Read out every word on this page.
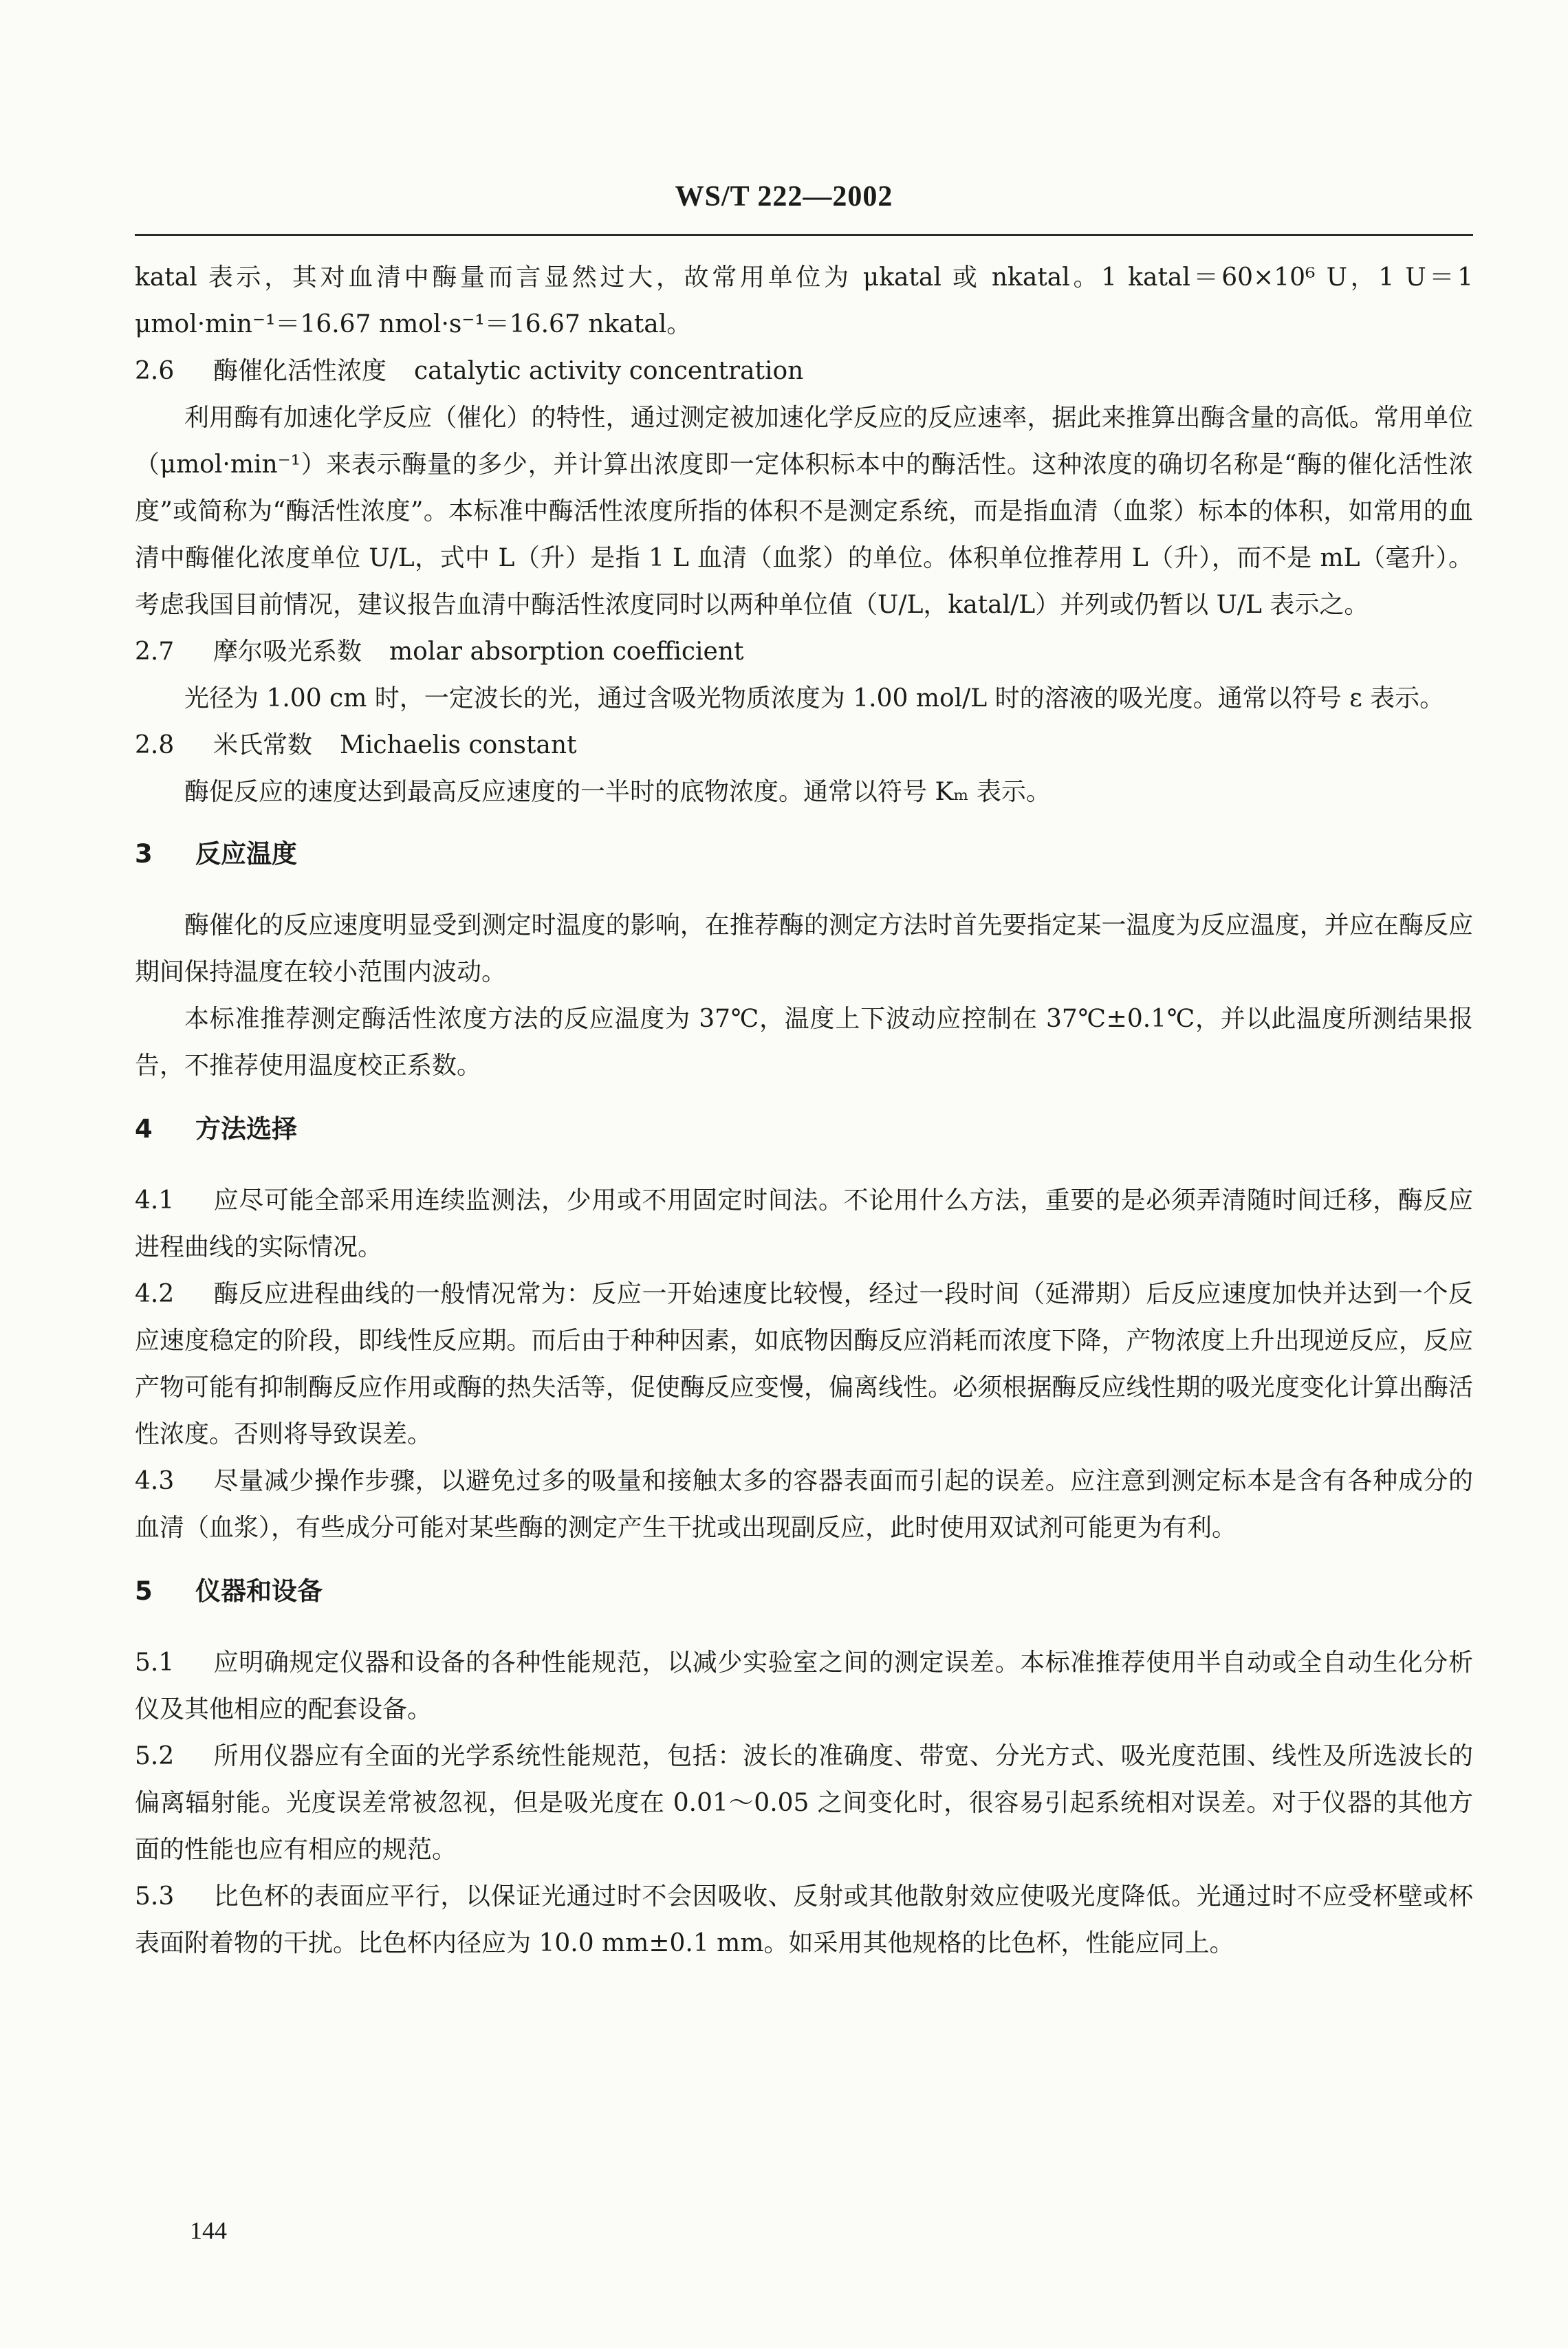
WS/T 222—2002
katal 表示，其对血清中酶量而言显然过大，故常用单位为 μkatal 或 nkatal。1 katal＝60×10⁶ U，1 U＝1 μmol·min⁻¹＝16.67 nmol·s⁻¹＝16.67 nkatal。
2.6 酶催化活性浓度 catalytic activity concentration
利用酶有加速化学反应（催化）的特性，通过测定被加速化学反应的反应速率，据此来推算出酶含量的高低。常用单位（μmol·min⁻¹）来表示酶量的多少，并计算出浓度即一定体积标本中的酶活性。这种浓度的确切名称是“酶的催化活性浓度”或简称为“酶活性浓度”。本标准中酶活性浓度所指的体积不是测定系统，而是指血清（血浆）标本的体积，如常用的血清中酶催化浓度单位 U/L，式中 L（升）是指 1 L 血清（血浆）的单位。体积单位推荐用 L（升），而不是 mL（毫升）。考虑我国目前情况，建议报告血清中酶活性浓度同时以两种单位值（U/L，katal/L）并列或仍暂以 U/L 表示之。
2.7 摩尔吸光系数 molar absorption coefficient
光径为 1.00 cm 时，一定波长的光，通过含吸光物质浓度为 1.00 mol/L 时的溶液的吸光度。通常以符号 ε 表示。
2.8 米氏常数 Michaelis constant
酶促反应的速度达到最高反应速度的一半时的底物浓度。通常以符号 Kₘ 表示。
3 反应温度
酶催化的反应速度明显受到测定时温度的影响，在推荐酶的测定方法时首先要指定某一温度为反应温度，并应在酶反应期间保持温度在较小范围内波动。
本标准推荐测定酶活性浓度方法的反应温度为 37℃，温度上下波动应控制在 37℃±0.1℃，并以此温度所测结果报告，不推荐使用温度校正系数。
4 方法选择
4.1 应尽可能全部采用连续监测法，少用或不用固定时间法。不论用什么方法，重要的是必须弄清随时间迁移，酶反应进程曲线的实际情况。
4.2 酶反应进程曲线的一般情况常为：反应一开始速度比较慢，经过一段时间（延滞期）后反应速度加快并达到一个反应速度稳定的阶段，即线性反应期。而后由于种种因素，如底物因酶反应消耗而浓度下降，产物浓度上升出现逆反应，反应产物可能有抑制酶反应作用或酶的热失活等，促使酶反应变慢，偏离线性。必须根据酶反应线性期的吸光度变化计算出酶活性浓度。否则将导致误差。
4.3 尽量减少操作步骤，以避免过多的吸量和接触太多的容器表面而引起的误差。应注意到测定标本是含有各种成分的血清（血浆），有些成分可能对某些酶的测定产生干扰或出现副反应，此时使用双试剂可能更为有利。
5 仪器和设备
5.1 应明确规定仪器和设备的各种性能规范，以减少实验室之间的测定误差。本标准推荐使用半自动或全自动生化分析仪及其他相应的配套设备。
5.2 所用仪器应有全面的光学系统性能规范，包括：波长的准确度、带宽、分光方式、吸光度范围、线性及所选波长的偏离辐射能。光度误差常被忽视，但是吸光度在 0.01～0.05 之间变化时，很容易引起系统相对误差。对于仪器的其他方面的性能也应有相应的规范。
5.3 比色杯的表面应平行，以保证光通过时不会因吸收、反射或其他散射效应使吸光度降低。光通过时不应受杯壁或杯表面附着物的干扰。比色杯内径应为 10.0 mm±0.1 mm。如采用其他规格的比色杯，性能应同上。
144
